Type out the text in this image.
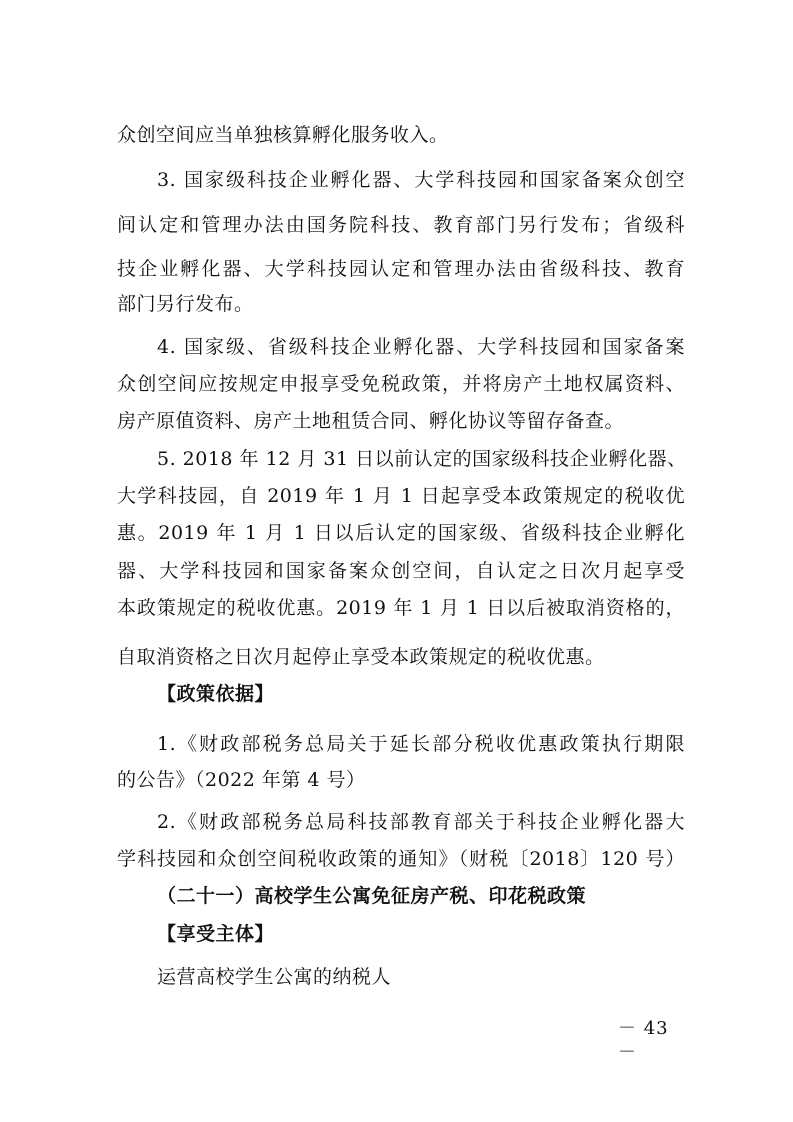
众创空间应当单独核算孵化服务收入。
3. 国家级科技企业孵化器、大学科技园和国家备案众创空
间认定和管理办法由国务院科技、教育部门另行发布；省级科
技企业孵化器、大学科技园认定和管理办法由省级科技、教育
部门另行发布。
4. 国家级、省级科技企业孵化器、大学科技园和国家备案
众创空间应按规定申报享受免税政策，并将房产土地权属资料、
房产原值资料、房产土地租赁合同、孵化协议等留存备查。
5. 2018 年 12 月 31 日以前认定的国家级科技企业孵化器、
大学科技园，自 2019 年 1 月 1 日起享受本政策规定的税收优
惠。2019 年 1 月 1 日以后认定的国家级、省级科技企业孵化
器、大学科技园和国家备案众创空间，自认定之日次月起享受
本政策规定的税收优惠。2019 年 1 月 1 日以后被取消资格的，
自取消资格之日次月起停止享受本政策规定的税收优惠。
【政策依据】
1.《财政部税务总局关于延长部分税收优惠政策执行期限
的公告》（2022 年第 4 号）
2.《财政部税务总局科技部教育部关于科技企业孵化器大
学科技园和众创空间税收政策的通知》（财税〔2018〕120 号）
（二十一）高校学生公寓免征房产税、印花税政策
【享受主体】
运营高校学生公寓的纳税人
－ 43 －
